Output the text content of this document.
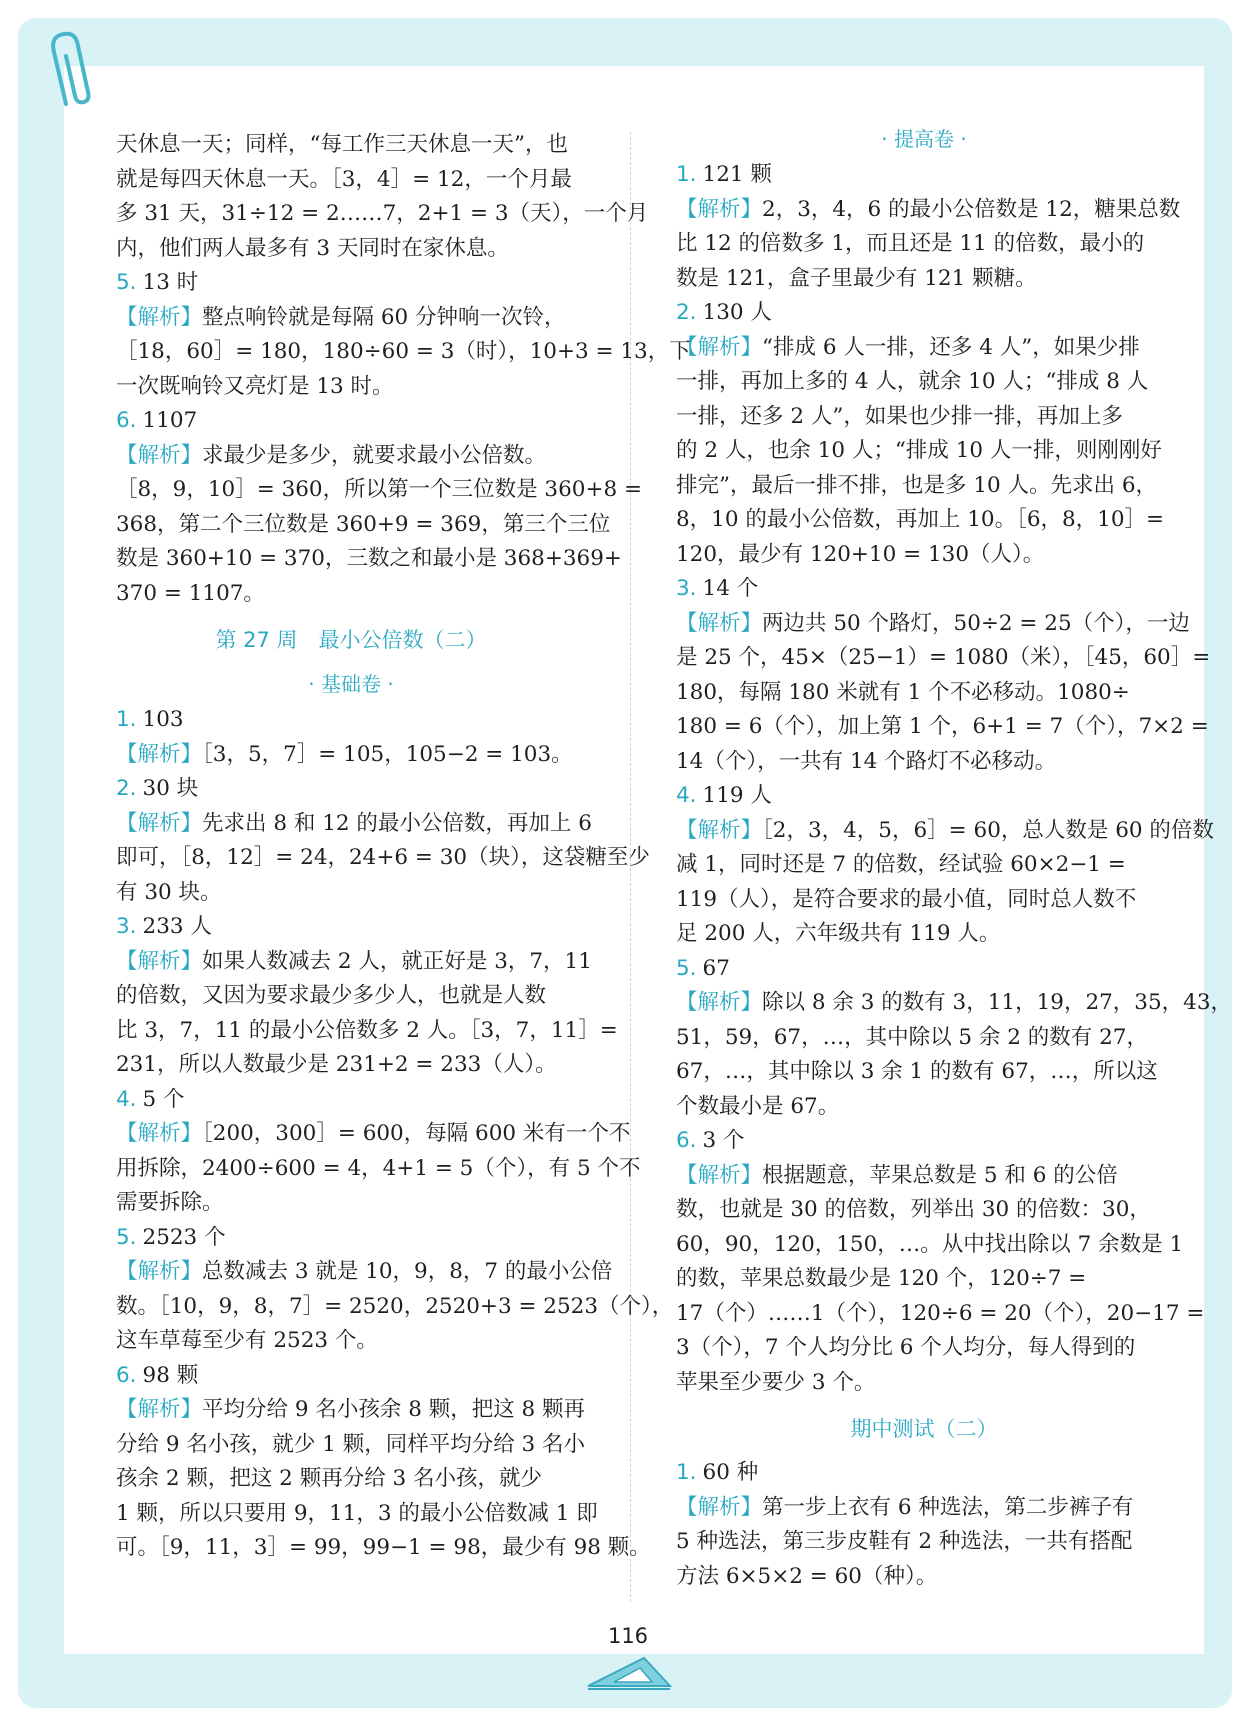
天休息一天；同样，“每工作三天休息一天”，也
就是每四天休息一天。［3，4］= 12，一个月最
多 31 天，31÷12 = 2……7，2+1 = 3（天），一个月
内，他们两人最多有 3 天同时在家休息。
5. 13 时
【解析】整点响铃就是每隔 60 分钟响一次铃，
［18，60］= 180，180÷60 = 3（时），10+3 = 13，下
一次既响铃又亮灯是 13 时。
6. 1107
【解析】求最少是多少，就要求最小公倍数。
［8，9，10］= 360，所以第一个三位数是 360+8 =
368，第二个三位数是 360+9 = 369，第三个三位
数是 360+10 = 370，三数之和最小是 368+369+
370 = 1107。
第 27 周　最小公倍数（二）
· 基础卷 ·
1. 103
【解析】［3，5，7］= 105，105−2 = 103。
2. 30 块
【解析】先求出 8 和 12 的最小公倍数，再加上 6
即可，［8，12］= 24，24+6 = 30（块），这袋糖至少
有 30 块。
3. 233 人
【解析】如果人数减去 2 人，就正好是 3，7，11
的倍数，又因为要求最少多少人，也就是人数
比 3，7，11 的最小公倍数多 2 人。［3，7，11］=
231，所以人数最少是 231+2 = 233（人）。
4. 5 个
【解析】［200，300］= 600，每隔 600 米有一个不
用拆除，2400÷600 = 4，4+1 = 5（个），有 5 个不
需要拆除。
5. 2523 个
【解析】总数减去 3 就是 10，9，8，7 的最小公倍
数。［10，9，8，7］= 2520，2520+3 = 2523（个），
这车草莓至少有 2523 个。
6. 98 颗
【解析】平均分给 9 名小孩余 8 颗，把这 8 颗再
分给 9 名小孩，就少 1 颗，同样平均分给 3 名小
孩余 2 颗，把这 2 颗再分给 3 名小孩，就少
1 颗，所以只要用 9，11，3 的最小公倍数减 1 即
可。［9，11，3］= 99，99−1 = 98，最少有 98 颗。
· 提高卷 ·
1. 121 颗
【解析】2，3，4，6 的最小公倍数是 12，糖果总数
比 12 的倍数多 1，而且还是 11 的倍数，最小的
数是 121，盒子里最少有 121 颗糖。
2. 130 人
【解析】“排成 6 人一排，还多 4 人”，如果少排
一排，再加上多的 4 人，就余 10 人；“排成 8 人
一排，还多 2 人”，如果也少排一排，再加上多
的 2 人，也余 10 人；“排成 10 人一排，则刚刚好
排完”，最后一排不排，也是多 10 人。先求出 6，
8，10 的最小公倍数，再加上 10。［6，8，10］=
120，最少有 120+10 = 130（人）。
3. 14 个
【解析】两边共 50 个路灯，50÷2 = 25（个），一边
是 25 个，45×（25−1）= 1080（米），［45，60］=
180，每隔 180 米就有 1 个不必移动。1080÷
180 = 6（个），加上第 1 个，6+1 = 7（个），7×2 =
14（个），一共有 14 个路灯不必移动。
4. 119 人
【解析】［2，3，4，5，6］= 60，总人数是 60 的倍数
减 1，同时还是 7 的倍数，经试验 60×2−1 =
119（人），是符合要求的最小值，同时总人数不
足 200 人，六年级共有 119 人。
5. 67
【解析】除以 8 余 3 的数有 3，11，19，27，35，43，
51，59，67，…，其中除以 5 余 2 的数有 27，
67，…，其中除以 3 余 1 的数有 67，…，所以这
个数最小是 67。
6. 3 个
【解析】根据题意，苹果总数是 5 和 6 的公倍
数，也就是 30 的倍数，列举出 30 的倍数：30，
60，90，120，150，…。从中找出除以 7 余数是 1
的数，苹果总数最少是 120 个，120÷7 =
17（个）……1（个），120÷6 = 20（个），20−17 =
3（个），7 个人均分比 6 个人均分，每人得到的
苹果至少要少 3 个。
期中测试（二）
1. 60 种
【解析】第一步上衣有 6 种选法，第二步裤子有
5 种选法，第三步皮鞋有 2 种选法，一共有搭配
方法 6×5×2 = 60（种）。
116
